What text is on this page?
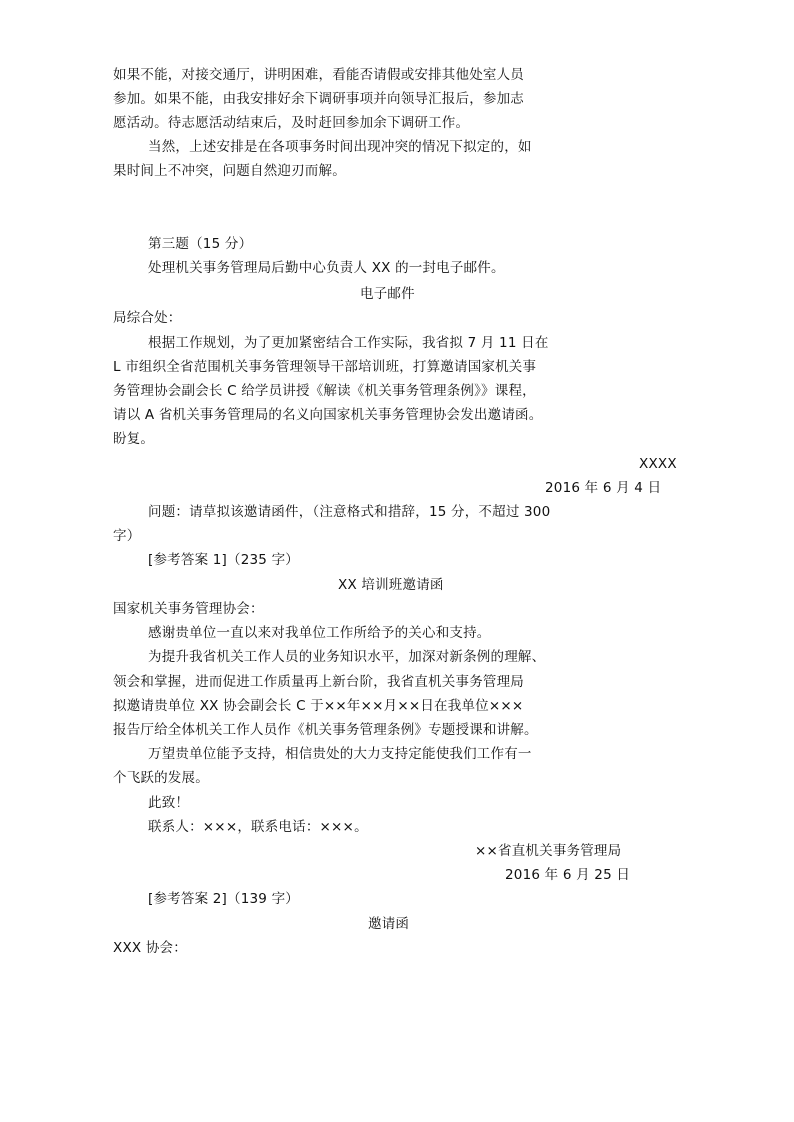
如果不能，对接交通厅，讲明困难，看能否请假或安排其他处室人员
参加。如果不能，由我安排好余下调研事项并向领导汇报后，参加志
愿活动。待志愿活动结束后，及时赶回参加余下调研工作。
当然，上述安排是在各项事务时间出现冲突的情况下拟定的，如
果时间上不冲突，问题自然迎刃而解。
第三题（15 分）
处理机关事务管理局后勤中心负责人 XX 的一封电子邮件。
电子邮件
局综合处：
根据工作规划，为了更加紧密结合工作实际，我省拟 7 月 11 日在
L 市组织全省范围机关事务管理领导干部培训班，打算邀请国家机关事
务管理协会副会长 C 给学员讲授《解读《机关事务管理条例》》课程，
请以 A 省机关事务管理局的名义向国家机关事务管理协会发出邀请函。
盼复。
XXXX
2016 年 6 月 4 日
问题：请草拟该邀请函件，（注意格式和措辞，15 分，不超过 300
字）
[参考答案 1]（235 字）
XX 培训班邀请函
国家机关事务管理协会：
感谢贵单位一直以来对我单位工作所给予的关心和支持。
为提升我省机关工作人员的业务知识水平，加深对新条例的理解、
领会和掌握，进而促进工作质量再上新台阶，我省直机关事务管理局
拟邀请贵单位 XX 协会副会长 C 于××年××月××日在我单位×××
报告厅给全体机关工作人员作《机关事务管理条例》专题授课和讲解。
万望贵单位能予支持，相信贵处的大力支持定能使我们工作有一
个飞跃的发展。
此致！
联系人：×××，联系电话：×××。
××省直机关事务管理局
2016 年 6 月 25 日
[参考答案 2]（139 字）
邀请函
XXX 协会：
